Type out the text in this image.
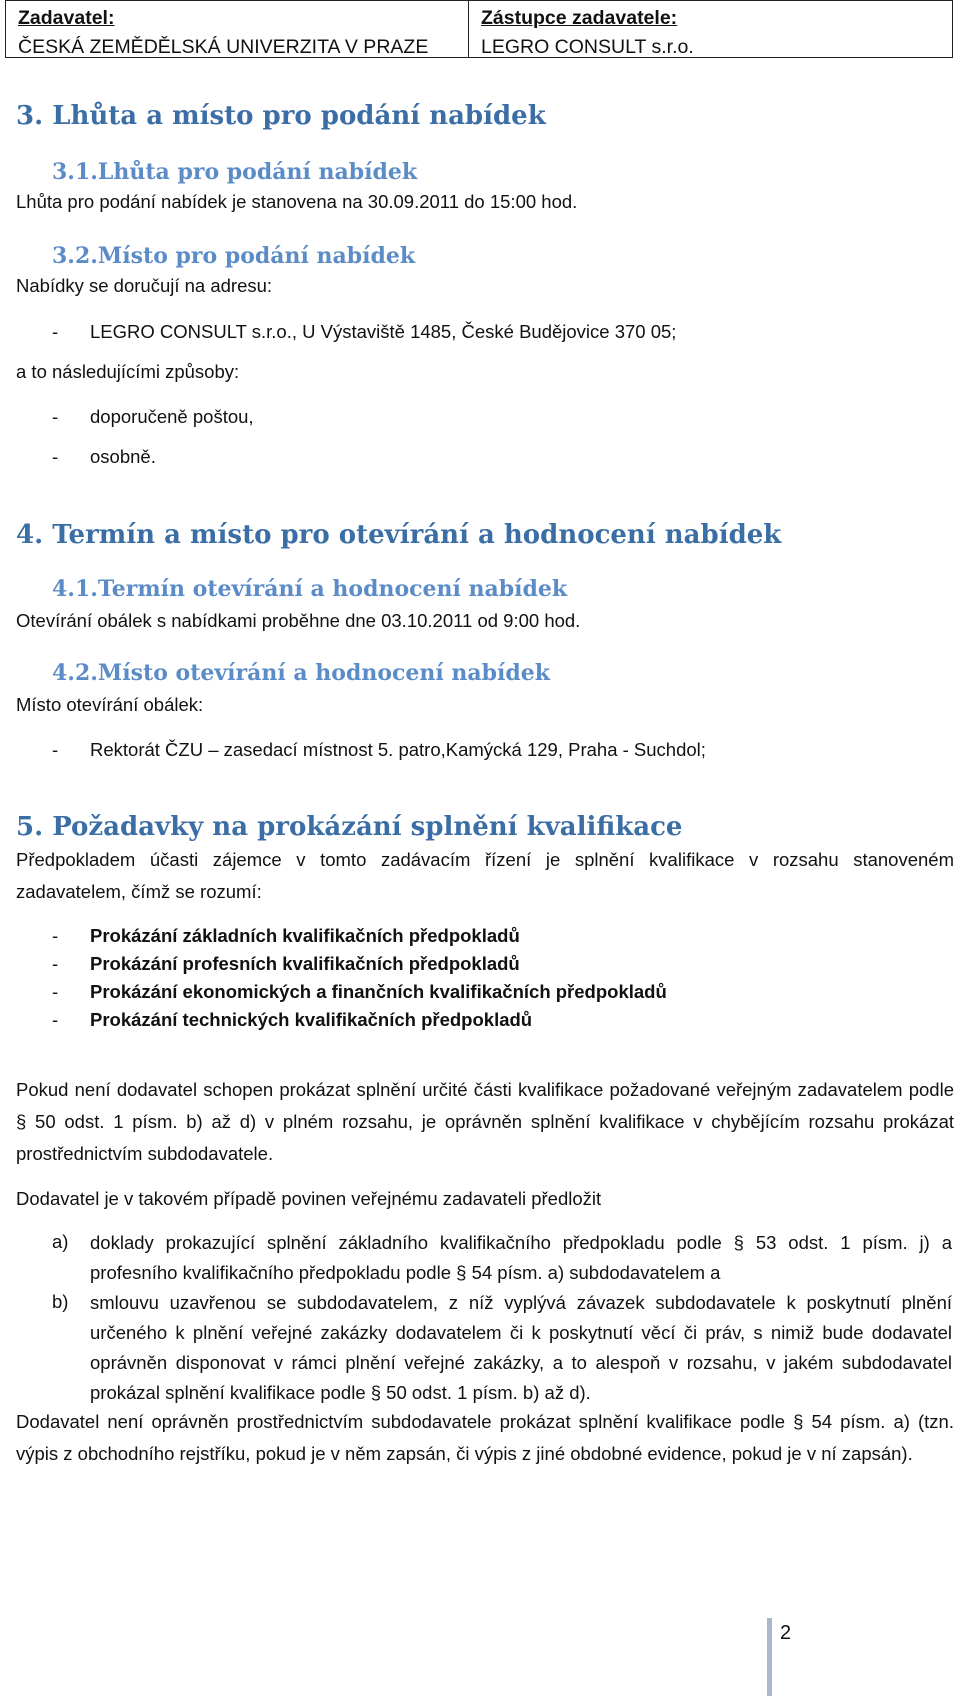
Zadavatel:
ČESKÁ ZEMĚDĚLSKÁ UNIVERZITA V PRAZE
Zástupce zadavatele:
LEGRO CONSULT s.r.o.
3. Lhůta a místo pro podání nabídek
3.1.Lhůta pro podání nabídek
Lhůta pro podání nabídek je stanovena na 30.09.2011 do 15:00 hod.
3.2.Místo pro podání nabídek
Nabídky se doručují na adresu:
- LEGRO CONSULT s.r.o., U Výstaviště 1485, České Budějovice 370 05;
a to následujícími způsoby:
- doporučeně poštou,
- osobně.
4. Termín a místo pro otevírání a hodnocení nabídek
4.1.Termín otevírání a hodnocení nabídek
Otevírání obálek s nabídkami proběhne dne 03.10.2011 od 9:00 hod.
4.2.Místo otevírání a hodnocení nabídek
Místo otevírání obálek:
- Rektorát ČZU – zasedací místnost 5. patro,Kamýcká 129, Praha - Suchdol;
5. Požadavky na prokázání splnění kvalifikace
Předpokladem účasti zájemce v tomto zadávacím řízení je splnění kvalifikace v rozsahu stanoveném zadavatelem, čímž se rozumí:
- Prokázání základních kvalifikačních předpokladů
- Prokázání profesních kvalifikačních předpokladů
- Prokázání ekonomických a finančních kvalifikačních předpokladů
- Prokázání technických kvalifikačních předpokladů
Pokud není dodavatel schopen prokázat splnění určité části kvalifikace požadované veřejným zadavatelem podle § 50 odst. 1 písm. b) až d) v plném rozsahu, je oprávněn splnění kvalifikace v chybějícím rozsahu prokázat prostřednictvím subdodavatele.
Dodavatel je v takovém případě povinen veřejnému zadavateli předložit
a) doklady prokazující splnění základního kvalifikačního předpokladu podle § 53 odst. 1 písm. j) a profesního kvalifikačního předpokladu podle § 54 písm. a) subdodavatelem a
b) smlouvu uzavřenou se subdodavatelem, z níž vyplývá závazek subdodavatele k poskytnutí plnění určeného k plnění veřejné zakázky dodavatelem či k poskytnutí věcí či práv, s nimiž bude dodavatel oprávněn disponovat v rámci plnění veřejné zakázky, a to alespoň v rozsahu, v jakém subdodavatel prokázal splnění kvalifikace podle § 50 odst. 1 písm. b) až d).
Dodavatel není oprávněn prostřednictvím subdodavatele prokázat splnění kvalifikace podle § 54 písm. a) (tzn. výpis z obchodního rejstříku, pokud je v něm zapsán, či výpis z jiné obdobné evidence, pokud je v ní zapsán).
2
